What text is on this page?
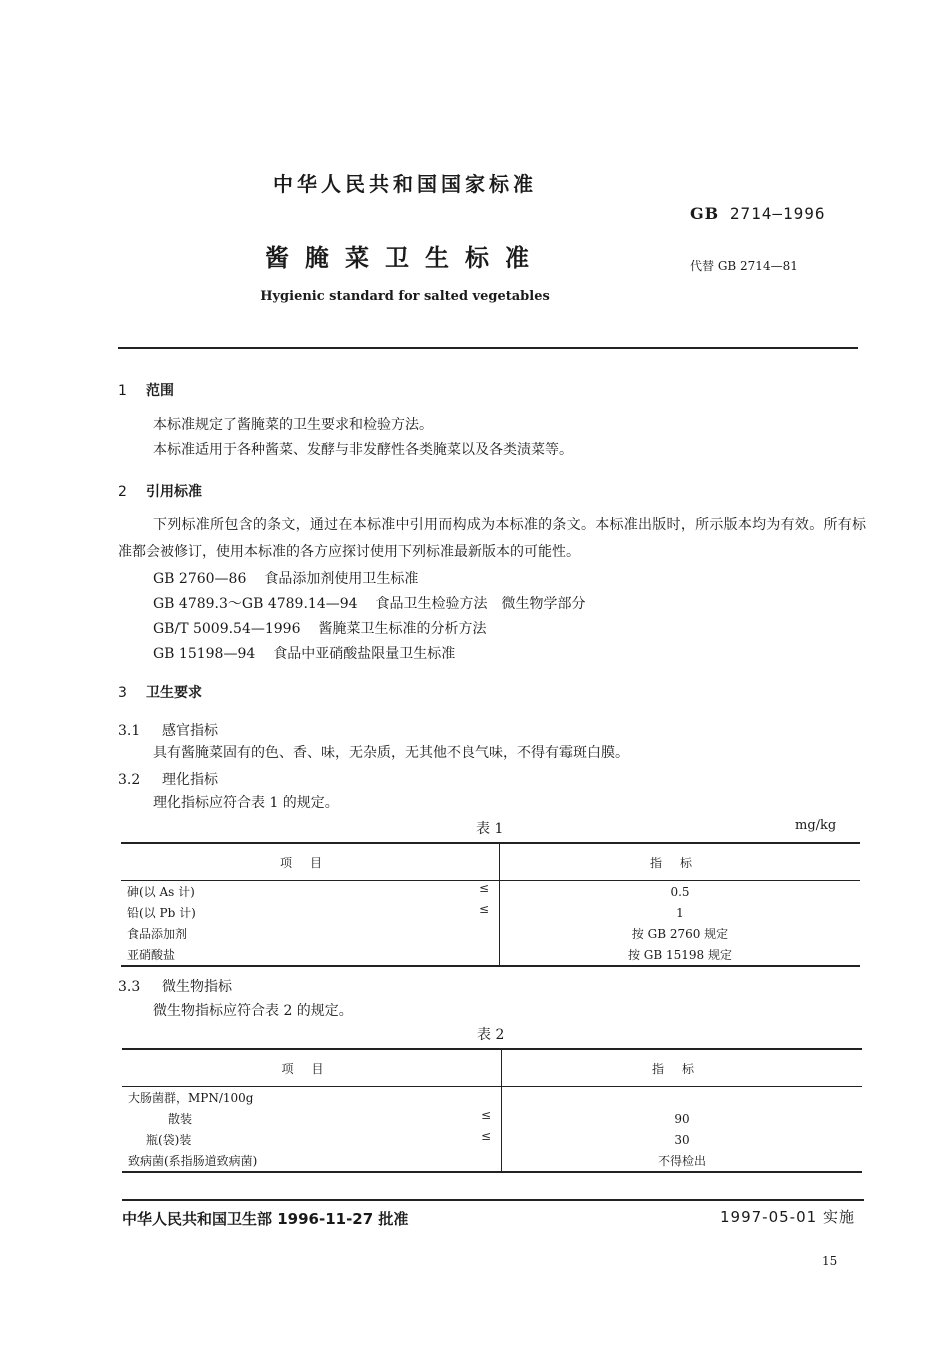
中华人民共和国国家标准
GB 2714—1996
酱腌菜卫生标准	代替 GB 2714—81
Hygienic standard for salted vegetables
1 范围
本标准规定了酱腌菜的卫生要求和检验方法。
本标准适用于各种酱菜、发酵与非发酵性各类腌菜以及各类渍菜等。
2 引用标准
下列标准所包含的条文，通过在本标准中引用而构成为本标准的条文。本标准出版时，所示版本均为有效。所有标准都会被修订，使用本标准的各方应探讨使用下列标准最新版本的可能性。
GB 2760—86 食品添加剂使用卫生标准
GB 4789.3～GB 4789.14—94 食品卫生检验方法　微生物学部分
GB/T 5009.54—1996 酱腌菜卫生标准的分析方法
GB 15198—94 食品中亚硝酸盐限量卫生标准
3 卫生要求
3.1 感官指标
具有酱腌菜固有的色、香、味，无杂质，无其他不良气味，不得有霉斑白膜。
3.2 理化指标
理化指标应符合表 1 的规定。
表 1	mg/kg
项目	指标
砷(以 As 计) ≤	0.5
铅(以 Pb 计) ≤	1
食品添加剂	按 GB 2760 规定
亚硝酸盐	按 GB 15198 规定
3.3 微生物指标
微生物指标应符合表 2 的规定。
表 2
项目	指标
大肠菌群，MPN/100g

散装 ≤	90
瓶(袋)装 ≤	30
致病菌(系指肠道致病菌)	不得检出
中华人民共和国卫生部 1996-11-27 批准	1997-05-01 实施
15
